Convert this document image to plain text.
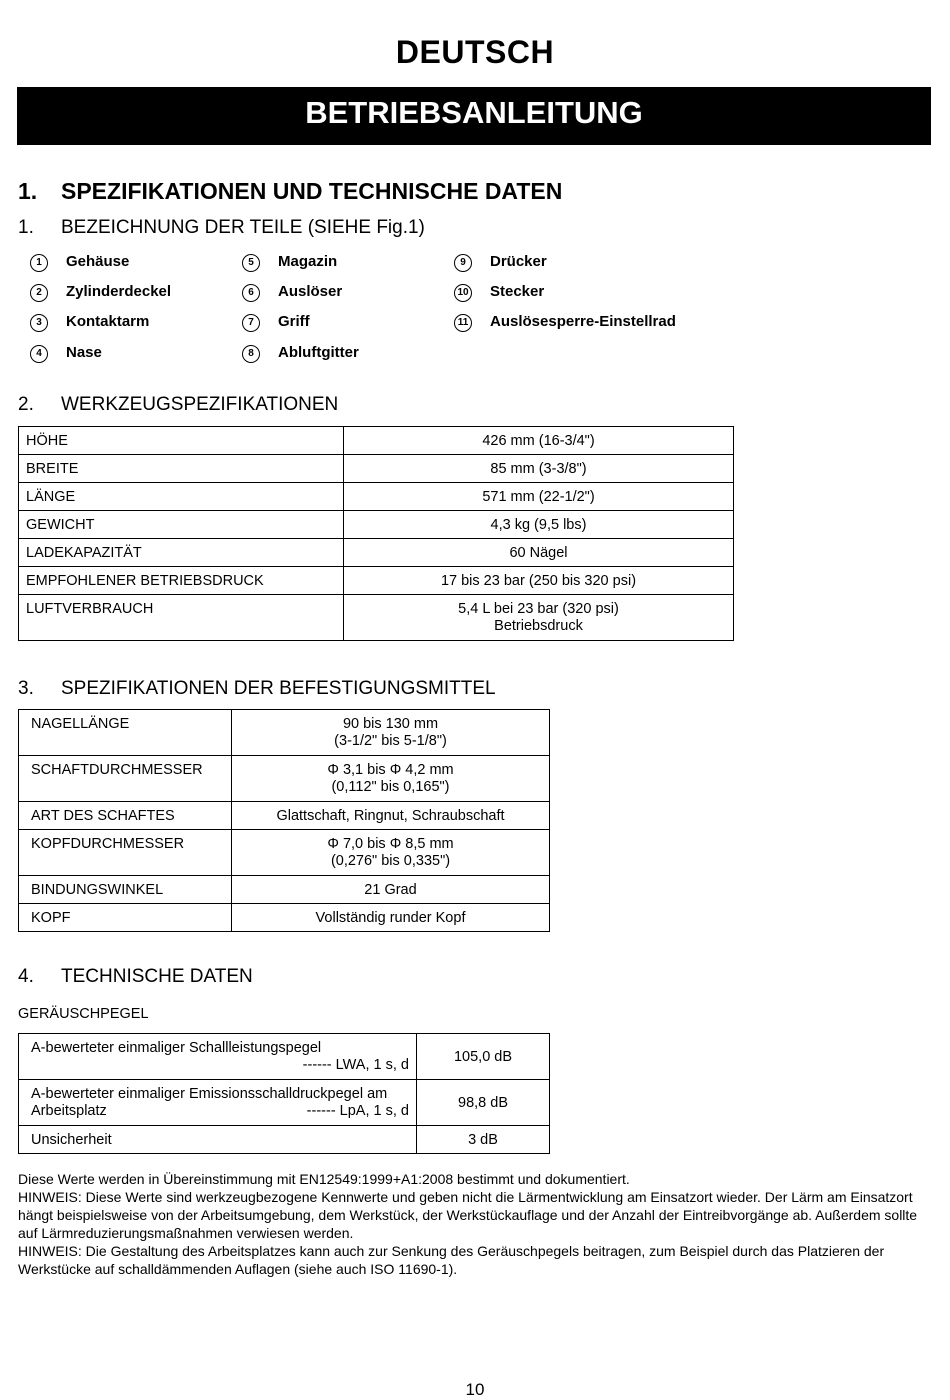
DEUTSCH
BETRIEBSANLEITUNG
1. SPEZIFIKATIONEN UND TECHNISCHE DATEN
1. BEZEICHNUNG DER TEILE (SIEHE Fig.1)
1 Gehäuse
2 Zylinderdeckel
3 Kontaktarm
4 Nase
5 Magazin
6 Auslöser
7 Griff
8 Abluftgitter
9 Drücker
10 Stecker
11 Auslösesperre-Einstellrad
2. WERKZEUGSPEZIFIKATIONEN
HÖHE	426 mm (16-3/4")
BREITE	85 mm (3-3/8")
LÄNGE	571 mm (22-1/2")
GEWICHT	4,3 kg (9,5 lbs)
LADEKAPAZITÄT	60 Nägel
EMPFOHLENER BETRIEBSDRUCK	17 bis 23 bar (250 bis 320 psi)
LUFTVERBRAUCH	5,4 L bei 23 bar (320 psi)
Betriebsdruck
3. SPEZIFIKATIONEN DER BEFESTIGUNGSMITTEL
NAGELLÄNGE	90 bis 130 mm
(3-1/2" bis 5-1/8")

SCHAFTDURCHMESSER	Φ 3,1 bis Φ 4,2 mm
(0,112" bis 0,165")

ART DES SCHAFTES	Glattschaft, Ringnut, Schraubschaft
KOPFDURCHMESSER	Φ 7,0 bis Φ 8,5 mm
(0,276" bis 0,335")

BINDUNGSWINKEL	21 Grad
KOPF	Vollständig runder Kopf
4. TECHNISCHE DATEN
GERÄUSCHPEGEL
A-bewerteter einmaliger Schallleistungspegel
------ LWA, 1 s, d	105,0 dB

A-bewerteter einmaliger Emissionsschalldruckpegel am
Arbeitsplatz ------ LpA, 1 s, d	98,8 dB
Unsicherheit	3 dB

Diese Werte werden in Übereinstimmung mit EN12549:1999+A1:2008 bestimmt und dokumentiert.

HINWEIS: Diese Werte sind werkzeugbezogene Kennwerte und geben nicht die Lärmentwicklung am Einsatzort wieder. Der Lärm am Einsatzort hängt beispielsweise von der Arbeitsumgebung, dem Werkstück, der Werkstückauflage und der Anzahl der Eintreibvorgänge ab. Außerdem sollte auf Lärmreduzierungsmaßnahmen verwiesen werden.

HINWEIS: Die Gestaltung des Arbeitsplatzes kann auch zur Senkung des Geräuschpegels beitragen, zum Beispiel durch das Platzieren der Werkstücke auf schalldämmenden Auflagen (siehe auch ISO 11690-1).

10
